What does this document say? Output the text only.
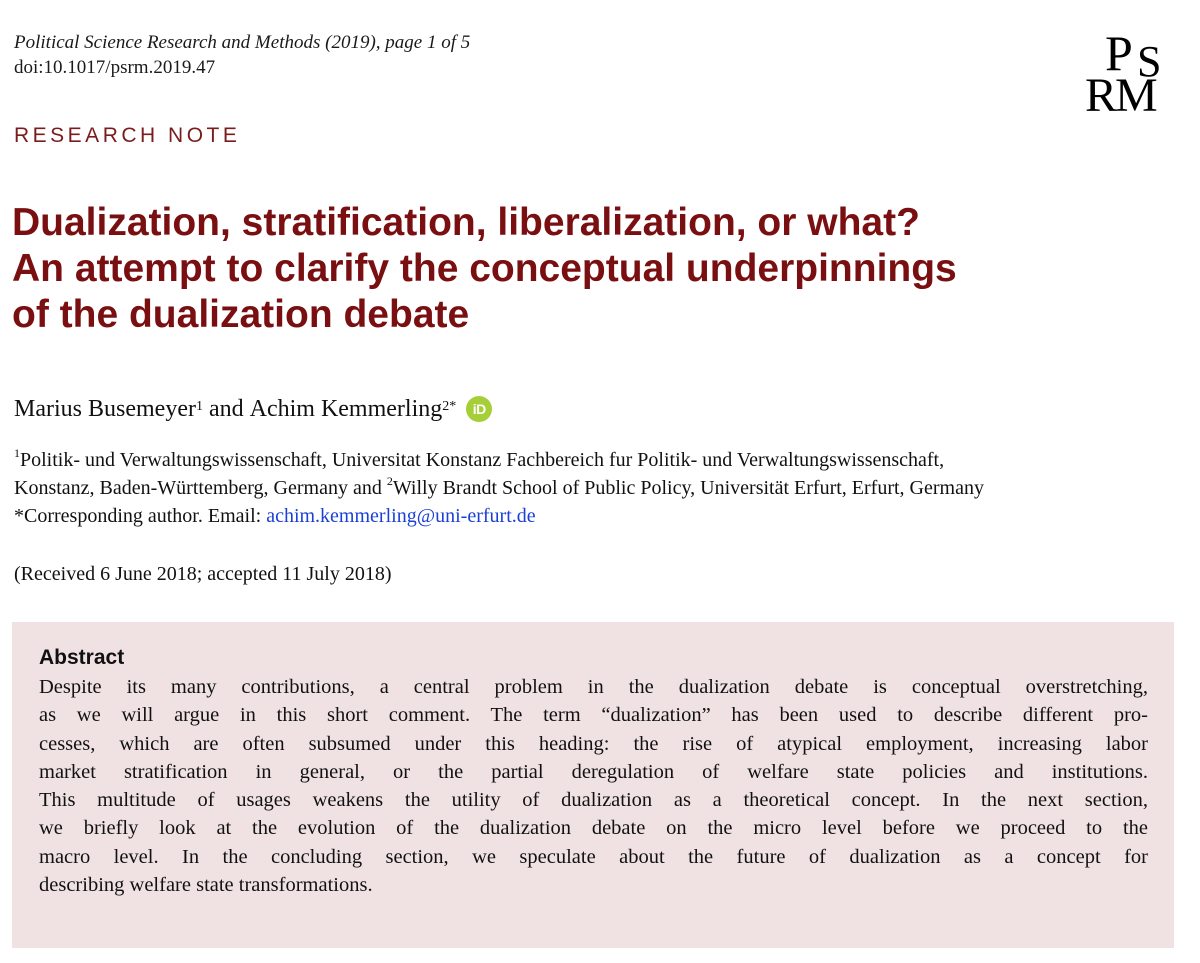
Political Science Research and Methods (2019), page 1 of 5
doi:10.1017/psrm.2019.47	P S
R
M
RESEARCH NOTE
Dualization, stratification, liberalization, or what?
An attempt to clarify the conceptual underpinnings
of the dualization debate
Marius Busemeyer$^1$ and Achim Kemmerling$^{2*}$	iD
$^1$Politik- und Verwaltungswissenschaft, Universitat Konstanz Fachbereich fur Politik- und Verwaltungswissenschaft,
Konstanz, Baden-Württemberg, Germany and $^2$Willy Brandt School of Public Policy, Universität Erfurt, Erfurt, Germany
*Corresponding author. Email: achim.kemmerling@uni-erfurt.de
(Received 6 June 2018; accepted 11 July 2018)
Abstract

Despite its many contributions, a central problem in the dualization debate is conceptual overstretching,
as we will argue in this short comment. The term “dualization” has been used to describe different pro-
cesses, which are often subsumed under this heading: the rise of atypical employment, increasing labor
market stratification in general, or the partial deregulation of welfare state policies and institutions.
This multitude of usages weakens the utility of dualization as a theoretical concept. In the next section,
we briefly look at the evolution of the dualization debate on the micro level before we proceed to the
macro level. In the concluding section, we speculate about the future of dualization as a concept for
describing welfare state transformations.
